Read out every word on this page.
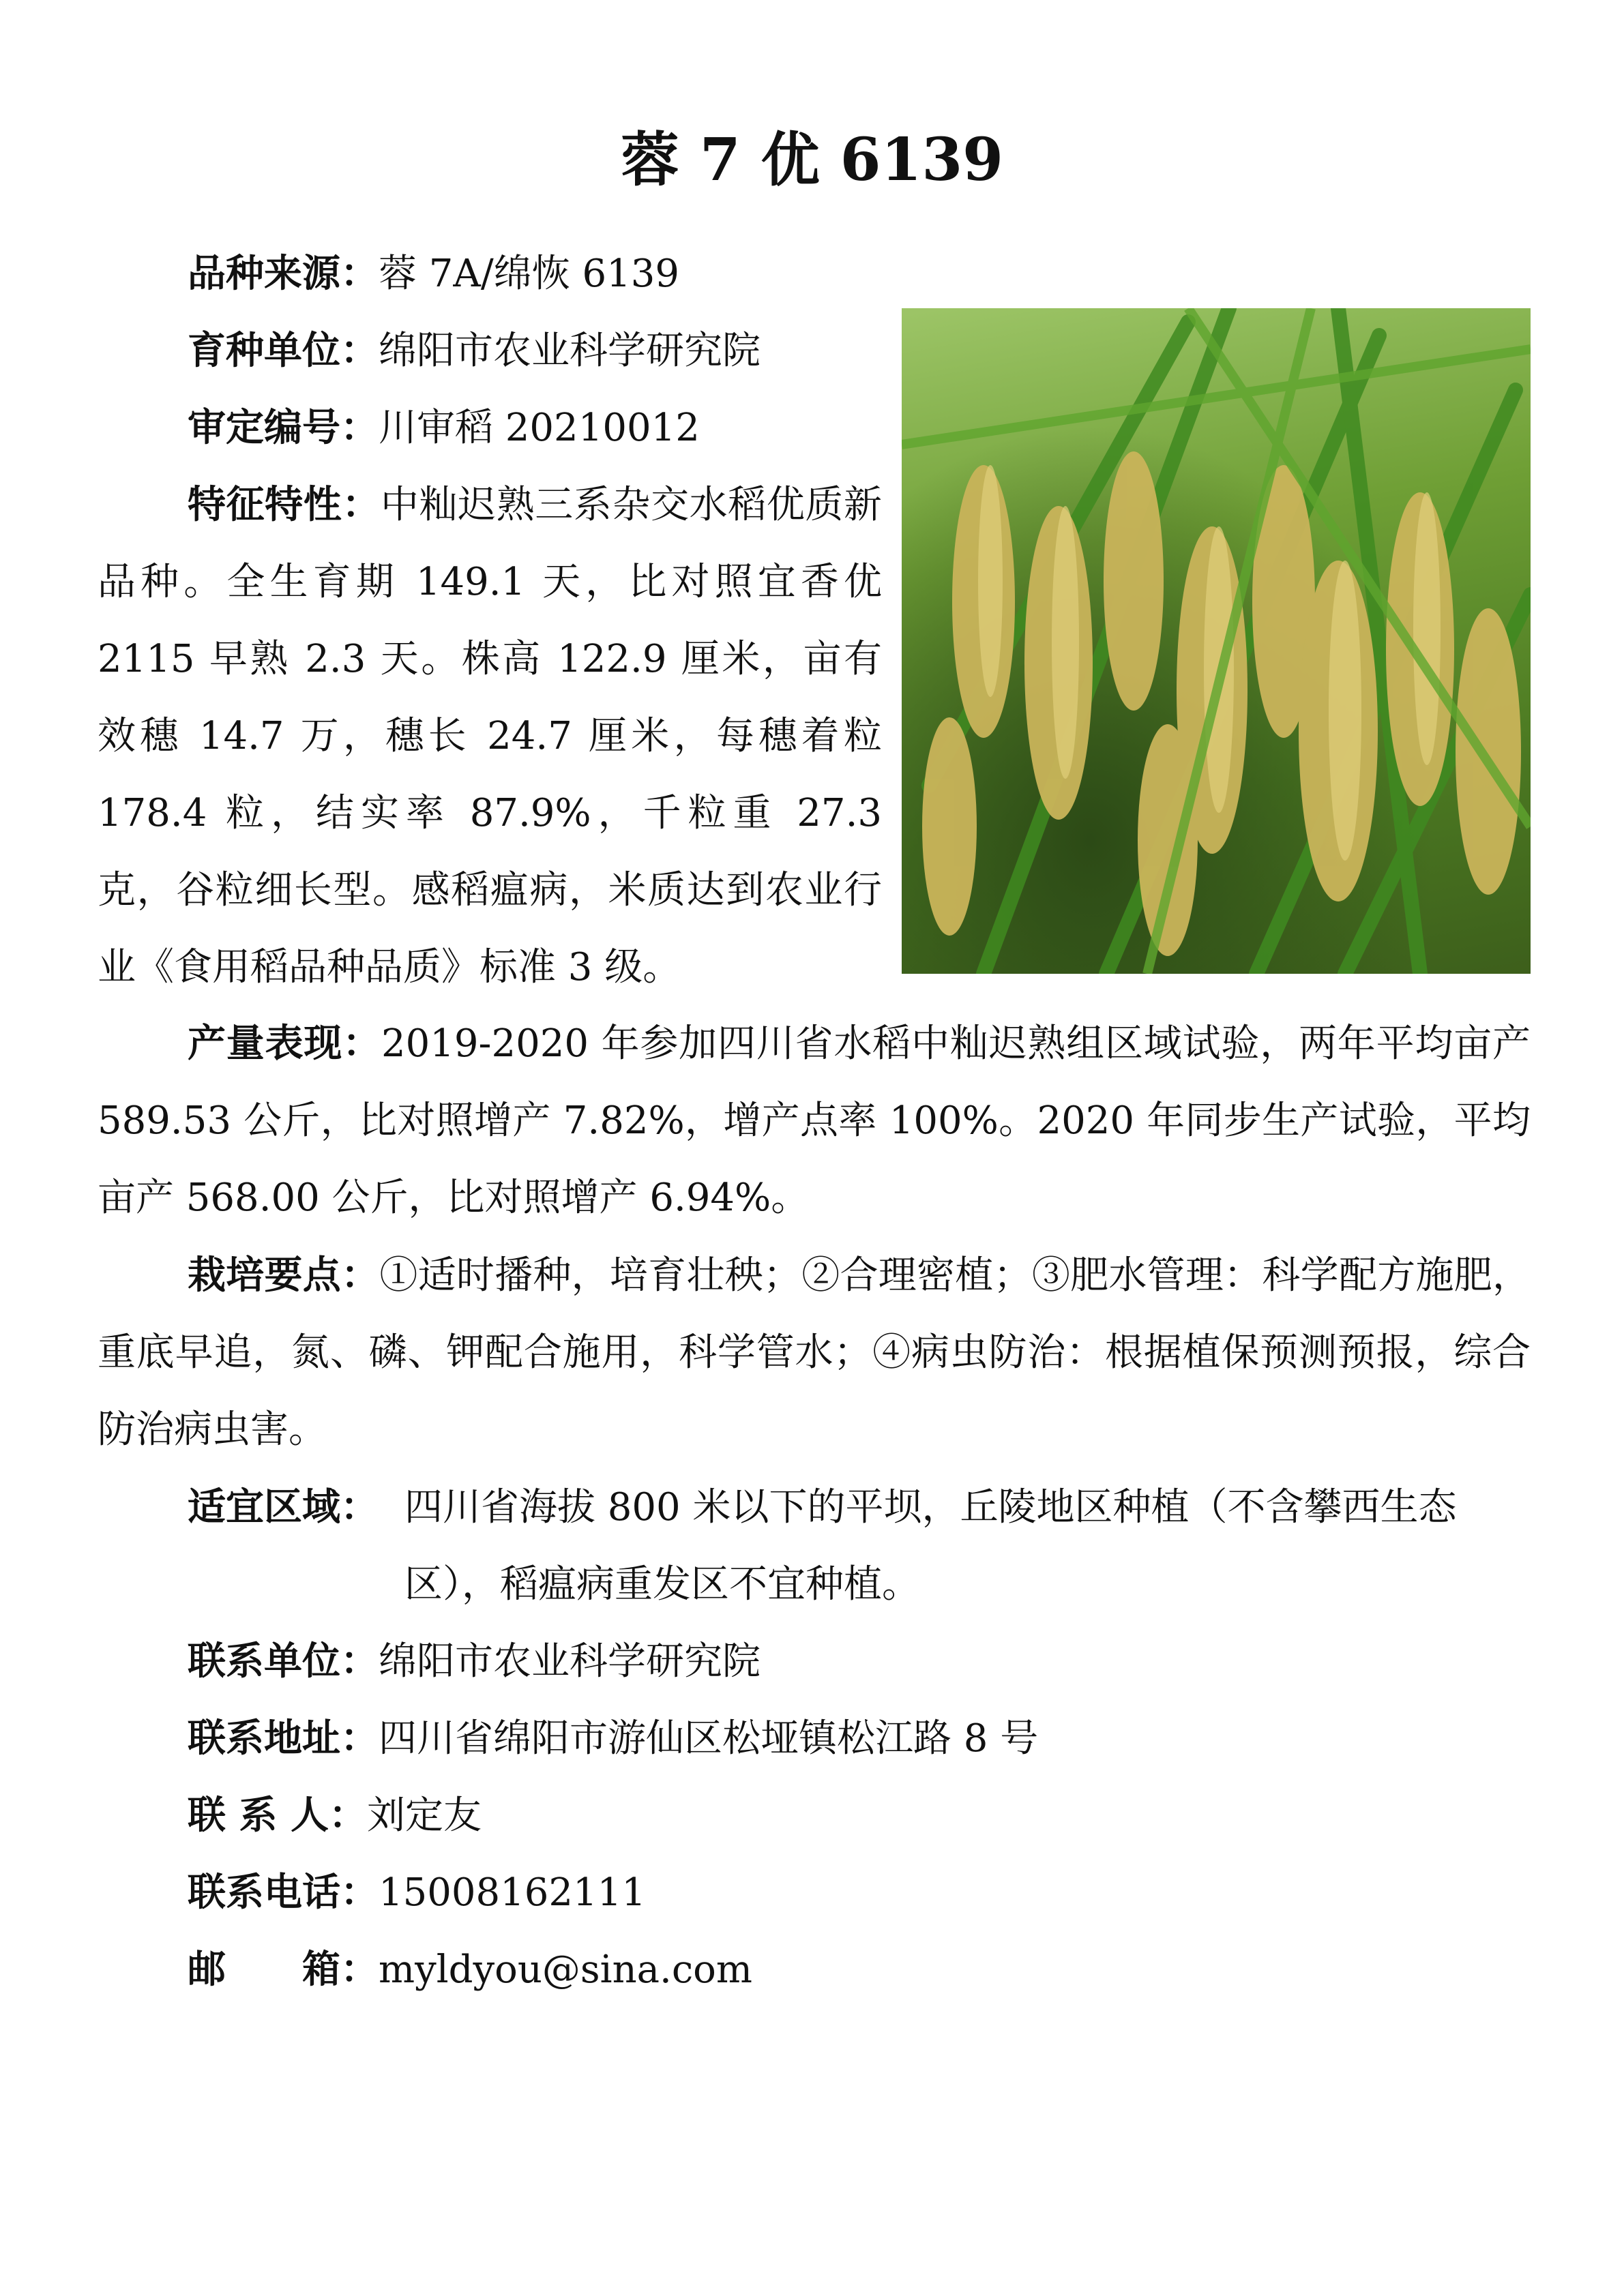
蓉 7 优 6139

品种来源：蓉 7A/绵恢 6139

育种单位：绵阳市农业科学研究院

审定编号：川审稻 20210012

特征特性：中籼迟熟三系杂交水稻优质新品种。全生育期 149.1 天，比对照宜香优 2115 早熟 2.3 天。株高 122.9 厘米，亩有效穗 14.7 万，穗长 24.7 厘米，每穗着粒 178.4 粒，结实率 87.9%，千粒重 27.3 克，谷粒细长型。感稻瘟病，米质达到农业行业《食用稻品种品质》标准 3 级。

产量表现：2019-2020 年参加四川省水稻中籼迟熟组区域试验，两年平均亩产 589.53 公斤，比对照增产 7.82%，增产点率 100%。2020 年同步生产试验，平均亩产 568.00 公斤，比对照增产 6.94%。

栽培要点：①适时播种，培育壮秧；②合理密植；③肥水管理：科学配方施肥，重底早追，氮、磷、钾配合施用，科学管水；④病虫防治：根据植保预测预报，综合防治病虫害。

适宜区域： 四川省海拔 800 米以下的平坝，丘陵地区种植（不含攀西生态区），稻瘟病重发区不宜种植。

联系单位：绵阳市农业科学研究院

联系地址：四川省绵阳市游仙区松垭镇松江路 8 号

联 系 人：刘定友

联系电话：15008162111

邮　　箱：myldyou@sina.com
